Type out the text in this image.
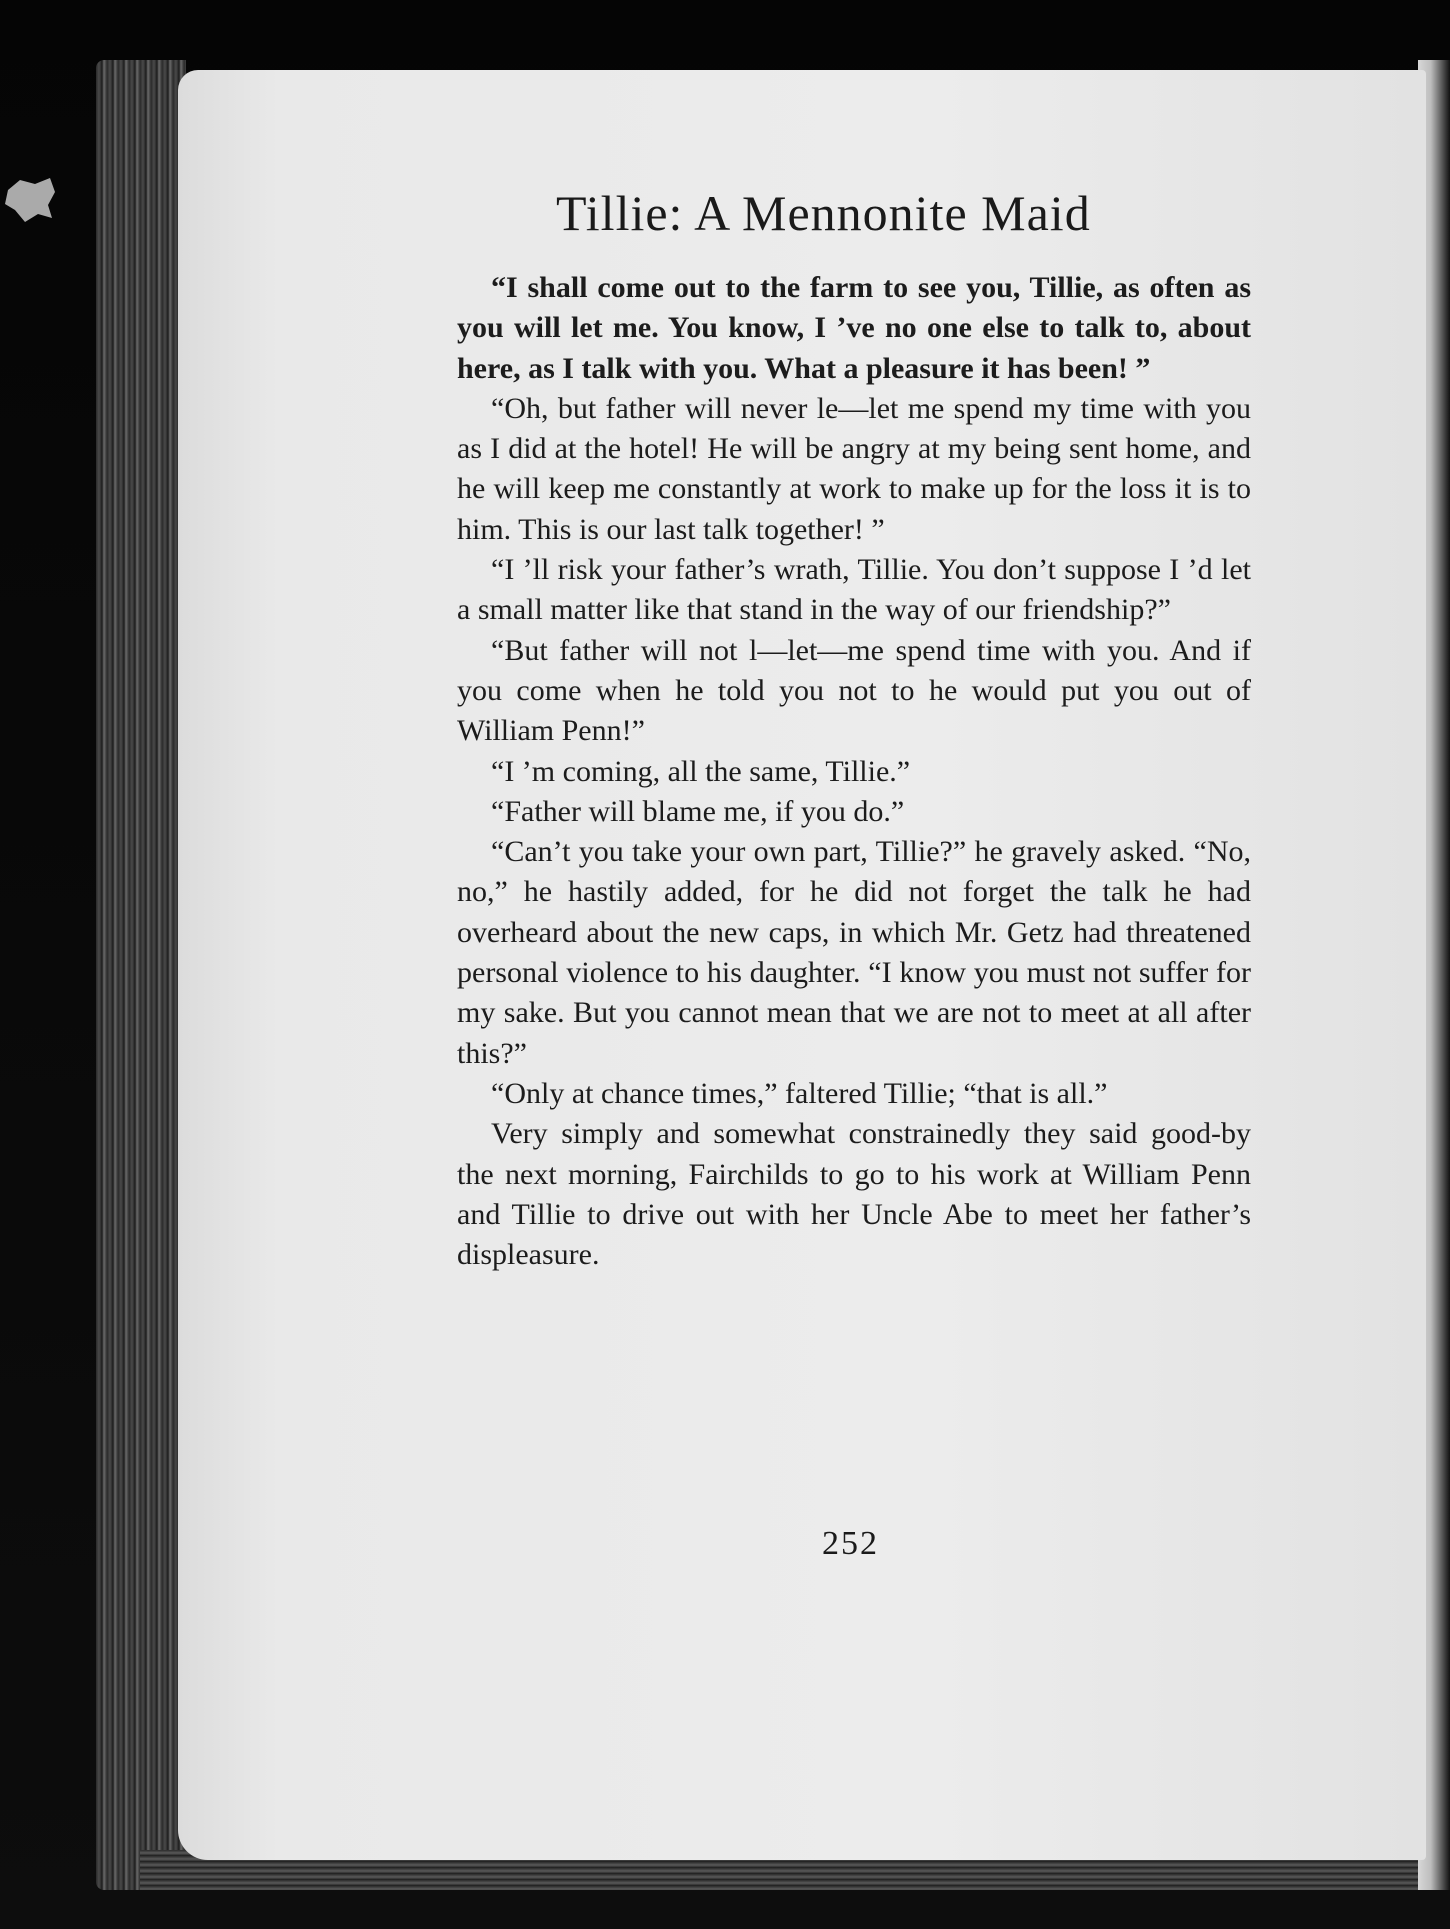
Tillie: A Mennonite Maid

“I shall come out to the farm to see you, Tillie, as often as you will let me. You know, I ’ve no one else to talk to, about here, as I talk with you. What a pleasure it has been! ”

“Oh, but father will never le—let me spend my time with you as I did at the hotel! He will be angry at my being sent home, and he will keep me constantly at work to make up for the loss it is to him. This is our last talk together! ”

“I ’ll risk your father’s wrath, Tillie. You don’t suppose I ’d let a small matter like that stand in the way of our friendship?”

“But father will not l—let—me spend time with you. And if you come when he told you not to he would put you out of William Penn!”

“I ’m coming, all the same, Tillie.”

“Father will blame me, if you do.”

“Can’t you take your own part, Tillie?” he gravely asked. “No, no,” he hastily added, for he did not forget the talk he had overheard about the new caps, in which Mr. Getz had threatened personal violence to his daughter. “I know you must not suffer for my sake. But you cannot mean that we are not to meet at all after this?”

“Only at chance times,” faltered Tillie; “that is all.”

Very simply and somewhat constrainedly they said good-by the next morning, Fairchilds to go to his work at William Penn and Tillie to drive out with her Uncle Abe to meet her father’s displeasure.

252
